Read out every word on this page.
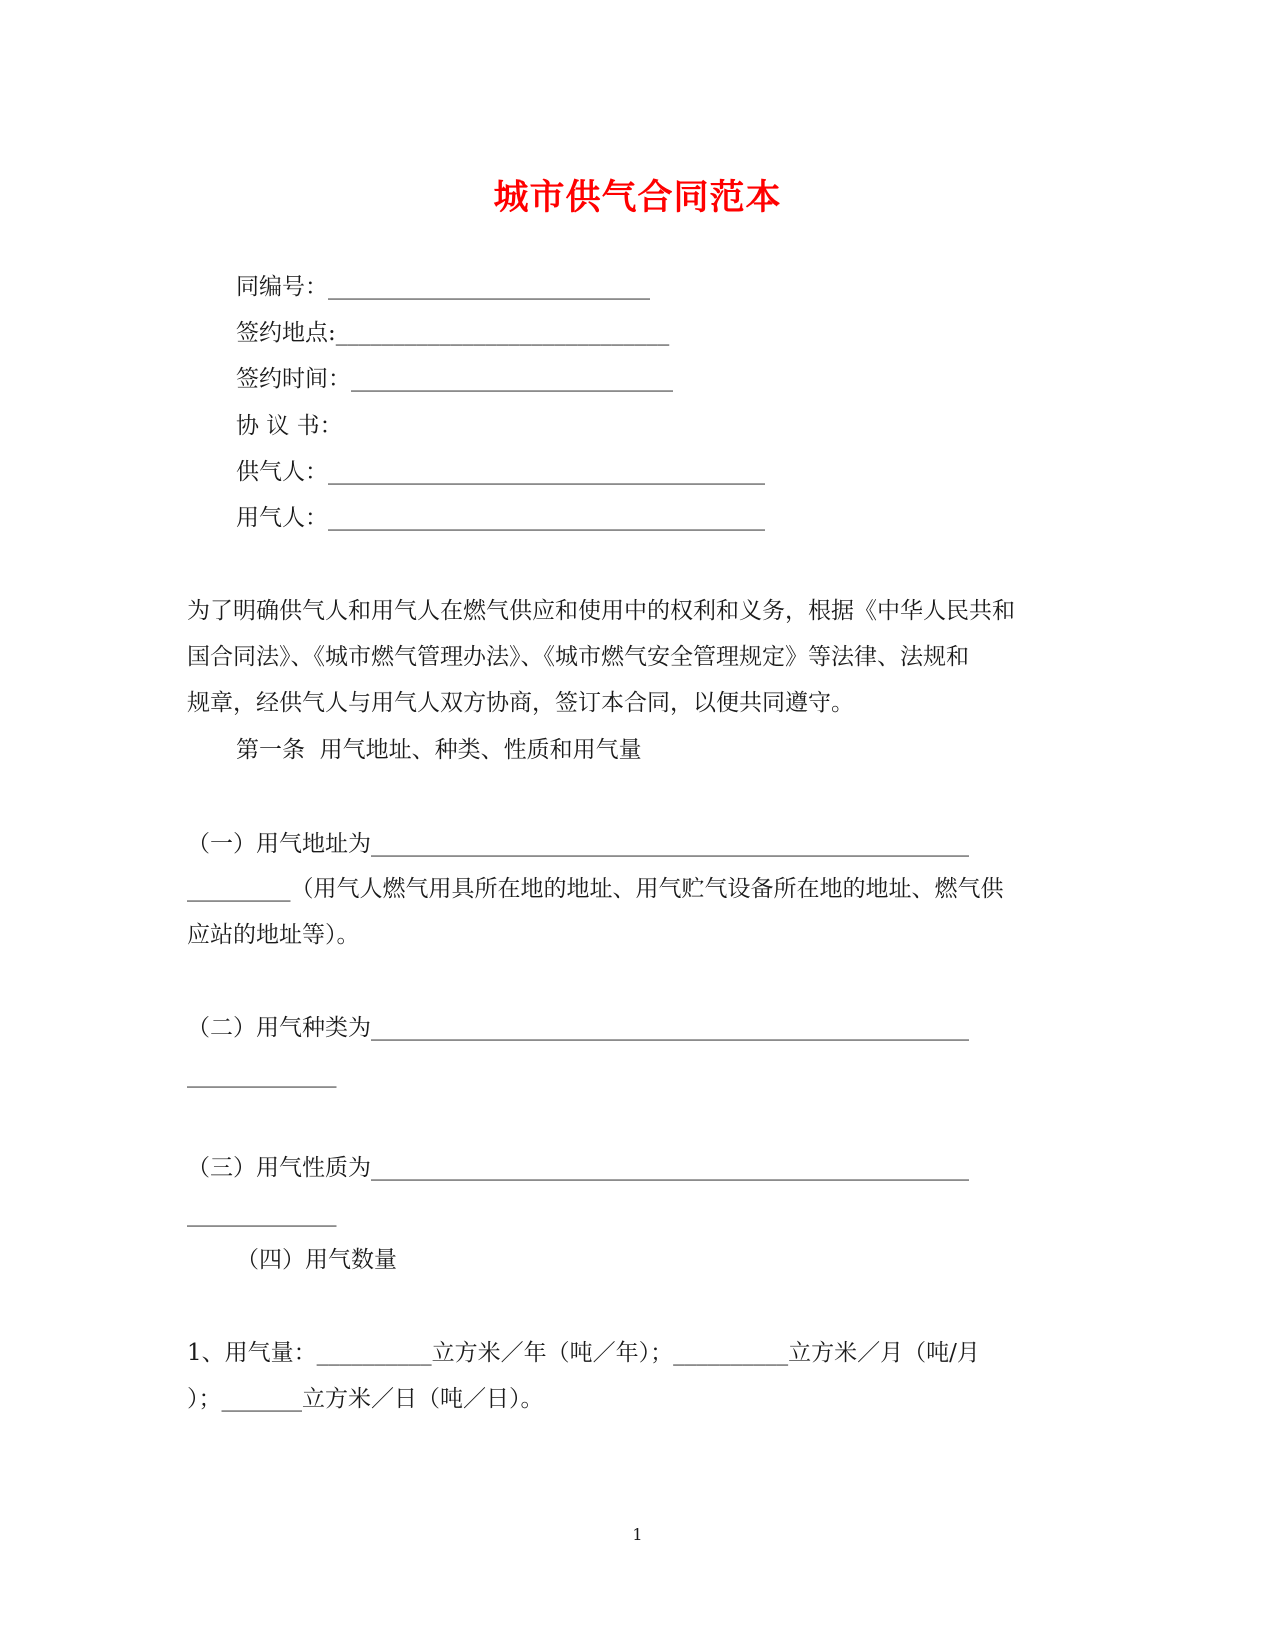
城市供气合同范本
同编号：____________________________
签约地点:_____________________________
签约时间：____________________________
协 议 书：
供气人：______________________________________
用气人：______________________________________
为了明确供气人和用气人在燃气供应和使用中的权利和义务，根据《中华人民共和
国合同法》、《城市燃气管理办法》、《城市燃气安全管理规定》等法律、法规和
规章，经供气人与用气人双方协商，签订本合同，以便共同遵守。
第一条  用气地址、种类、性质和用气量
（一）用气地址为____________________________________________________
_________（用气人燃气用具所在地的地址、用气贮气设备所在地的地址、燃气供
应站的地址等）。
（二）用气种类为____________________________________________________
_____________
（三）用气性质为____________________________________________________
_____________
（四）用气数量
1、用气量：__________立方米／年（吨／年）；__________立方米／月（吨/月
）；_______立方米／日（吨／日）。
1
